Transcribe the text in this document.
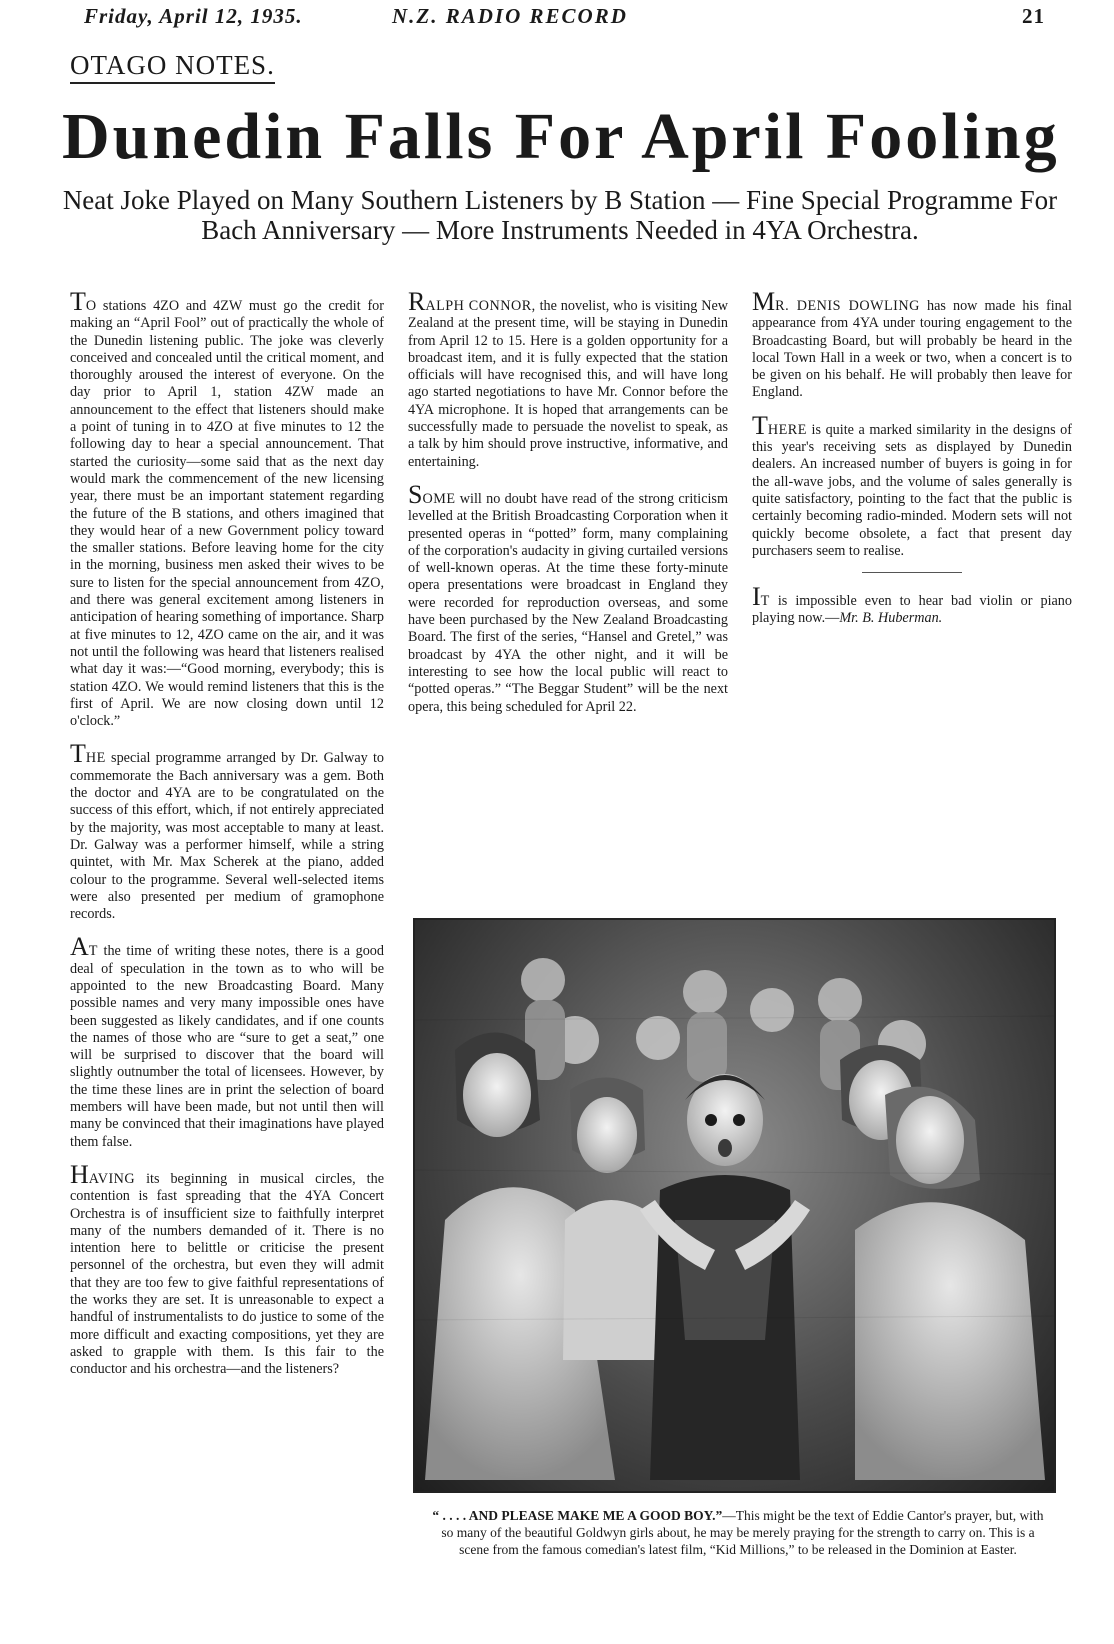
Friday, April 12, 1935.	N.Z. RADIO RECORD	21
OTAGO NOTES.
Dunedin Falls For April Fooling
Neat Joke Played on Many Southern Listeners by B Station — Fine Special Programme For Bach Anniversary — More Instruments Needed in 4YA Orchestra.

TO stations 4ZO and 4ZW must go the credit for making an “April Fool” out of practically the whole of the Dunedin listening public. The joke was cleverly conceived and concealed until the critical moment, and thoroughly aroused the interest of everyone. On the day prior to April 1, station 4ZW made an announcement to the effect that listeners should make a point of tuning in to 4ZO at five minutes to 12 the following day to hear a special announcement. That started the curiosity—some said that as the next day would mark the commencement of the new licensing year, there must be an important statement regarding the future of the B stations, and others imagined that they would hear of a new Government policy toward the smaller stations. Before leaving home for the city in the morning, business men asked their wives to be sure to listen for the special announcement from 4ZO, and there was general excitement among listeners in anticipation of hearing something of importance. Sharp at five minutes to 12, 4ZO came on the air, and it was not until the following was heard that listeners realised what day it was:—“Good morning, everybody; this is station 4ZO. We would remind listeners that this is the first of April. We are now closing down until 12 o'clock.”

THE special programme arranged by Dr. Galway to commemorate the Bach anniversary was a gem. Both the doctor and 4YA are to be congratulated on the success of this effort, which, if not entirely appreciated by the majority, was most acceptable to many at least. Dr. Galway was a performer himself, while a string quintet, with Mr. Max Scherek at the piano, added colour to the programme. Several well-selected items were also presented per medium of gramophone records.

AT the time of writing these notes, there is a good deal of speculation in the town as to who will be appointed to the new Broadcasting Board. Many possible names and very many impossible ones have been suggested as likely candidates, and if one counts the names of those who are “sure to get a seat,” one will be surprised to discover that the board will slightly outnumber the total of licensees. However, by the time these lines are in print the selection of board members will have been made, but not until then will many be convinced that their imaginations have played them false.

HAVING its beginning in musical circles, the contention is fast spreading that the 4YA Concert Orchestra is of insufficient size to faithfully interpret many of the numbers demanded of it. There is no intention here to belittle or criticise the present personnel of the orchestra, but even they will admit that they are too few to give faithful representations of the works they are set. It is unreasonable to expect a handful of instrumentalists to do justice to some of the more difficult and exacting compositions, yet they are asked to grapple with them. Is this fair to the conductor and his orchestra—and the listeners?

RALPH CONNOR, the novelist, who is visiting New Zealand at the present time, will be staying in Dunedin from April 12 to 15. Here is a golden opportunity for a broadcast item, and it is fully expected that the station officials will have recognised this, and will have long ago started negotiations to have Mr. Connor before the 4YA microphone. It is hoped that arrangements can be successfully made to persuade the novelist to speak, as a talk by him should prove instructive, informative, and entertaining.

SOME will no doubt have read of the strong criticism levelled at the British Broadcasting Corporation when it presented operas in “potted” form, many complaining of the corporation's audacity in giving curtailed versions of well-known operas. At the time these forty-minute opera presentations were broadcast in England they were recorded for reproduction overseas, and some have been purchased by the New Zealand Broadcasting Board. The first of the series, “Hansel and Gretel,” was broadcast by 4YA the other night, and it will be interesting to see how the local public will react to “potted operas.” “The Beggar Student” will be the next opera, this being scheduled for April 22.

MR. DENIS DOWLING has now made his final appearance from 4YA under touring engagement to the Broadcasting Board, but will probably be heard in the local Town Hall in a week or two, when a concert is to be given on his behalf. He will probably then leave for England.

THERE is quite a marked similarity in the designs of this year's receiving sets as displayed by Dunedin dealers. An increased number of buyers is going in for the all-wave jobs, and the volume of sales generally is quite satisfactory, pointing to the fact that the public is certainly becoming radio-minded. Modern sets will not quickly become obsolete, a fact that present day purchasers seem to realise.

IT is impossible even to hear bad violin or piano playing now.—Mr. B. Huberman.

“ . . . . AND PLEASE MAKE ME A GOOD BOY.”—This might be the text of Eddie Cantor's prayer, but, with so many of the beautiful Goldwyn girls about, he may be merely praying for the strength to carry on. This is a scene from the famous comedian's latest film, “Kid Millions,” to be released in the Dominion at Easter.
